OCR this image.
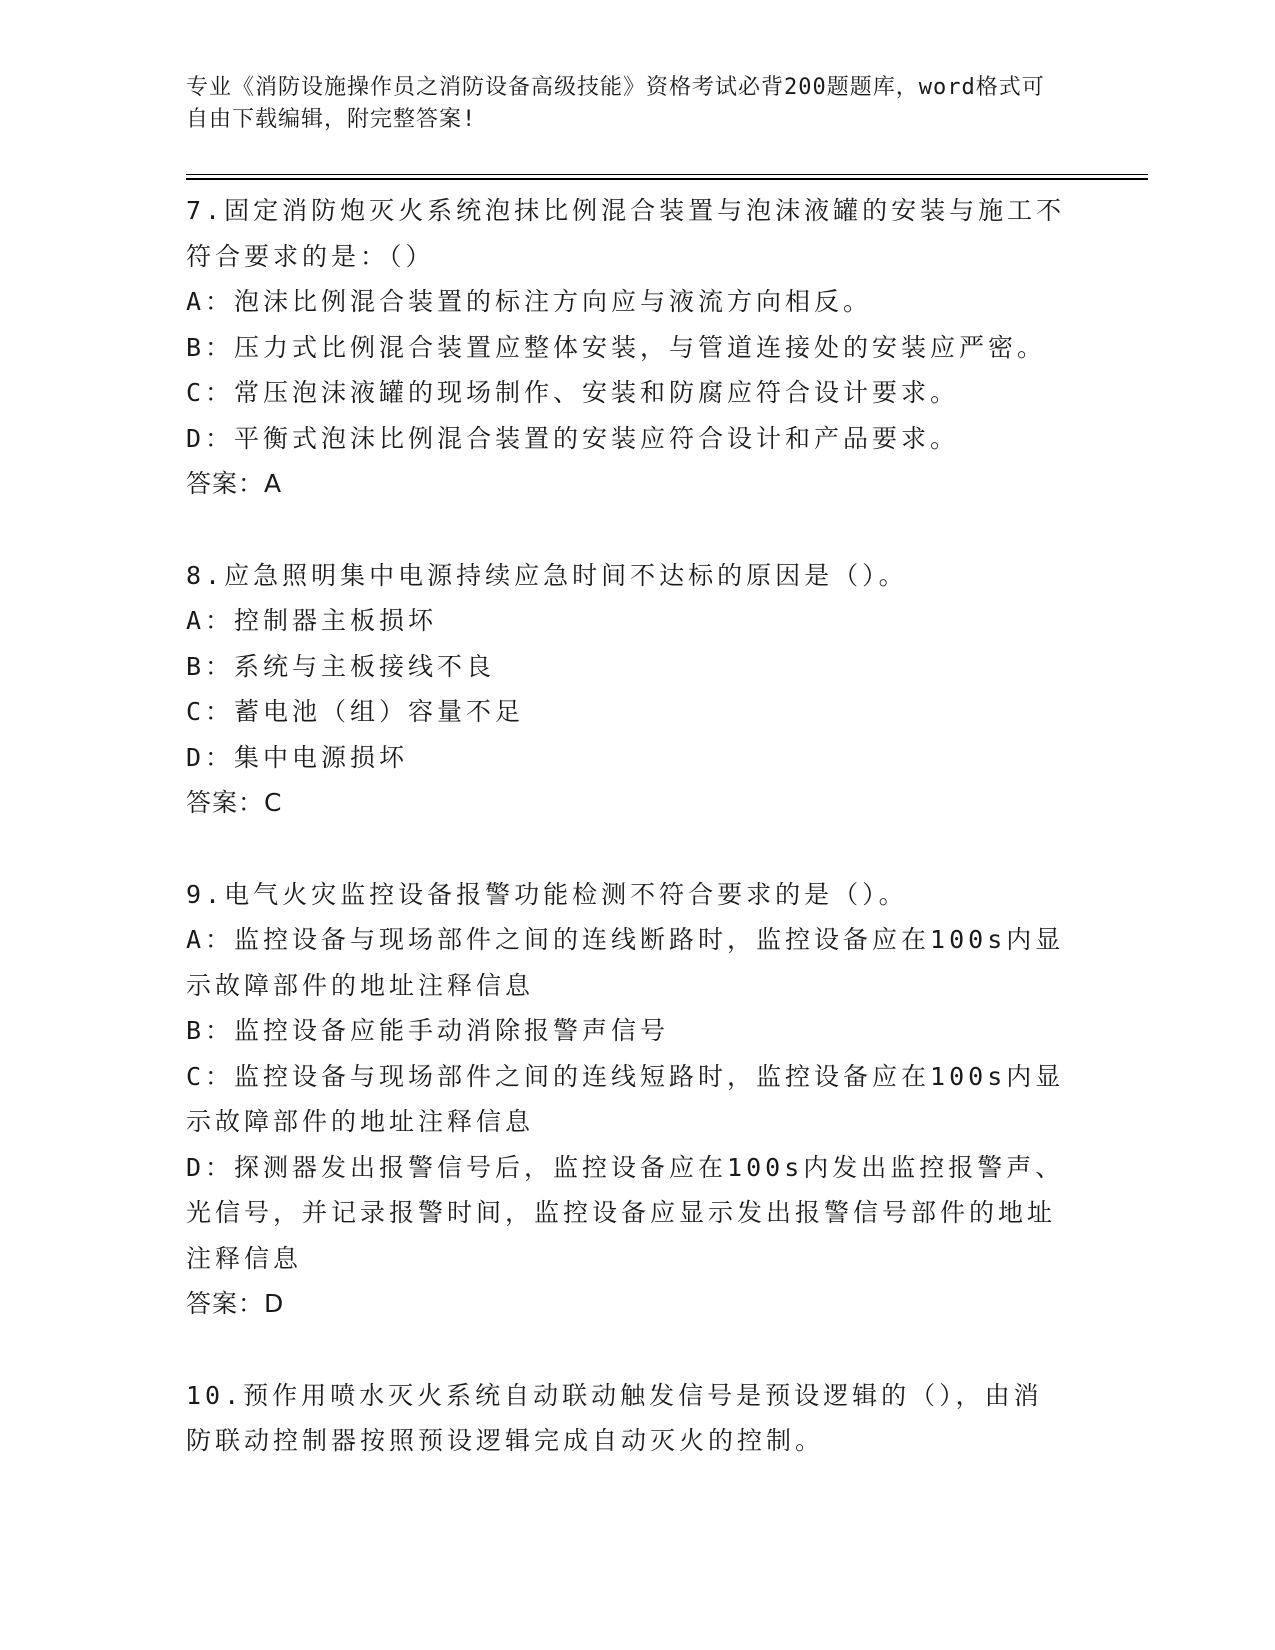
专业《消防设施操作员之消防设备高级技能》资格考试必背200题题库，word格式可自由下载编辑，附完整答案!
7.固定消防炮灭火系统泡抹比例混合装置与泡沫液罐的安装与施工不符合要求的是：（）
A：泡沫比例混合装置的标注方向应与液流方向相反。
B：压力式比例混合装置应整体安装，与管道连接处的安装应严密。
C：常压泡沫液罐的现场制作、安装和防腐应符合设计要求。
D：平衡式泡沫比例混合装置的安装应符合设计和产品要求。
答案：A
8.应急照明集中电源持续应急时间不达标的原因是（）。
A：控制器主板损坏
B：系统与主板接线不良
C：蓄电池（组）容量不足
D：集中电源损坏
答案：C
9.电气火灾监控设备报警功能检测不符合要求的是（）。
A：监控设备与现场部件之间的连线断路时，监控设备应在100s内显示故障部件的地址注释信息
B：监控设备应能手动消除报警声信号
C：监控设备与现场部件之间的连线短路时，监控设备应在100s内显示故障部件的地址注释信息
D：探测器发出报警信号后，监控设备应在100s内发出监控报警声、光信号，并记录报警时间，监控设备应显示发出报警信号部件的地址注释信息
答案：D
10.预作用喷水灭火系统自动联动触发信号是预设逻辑的（），由消防联动控制器按照预设逻辑完成自动灭火的控制。
